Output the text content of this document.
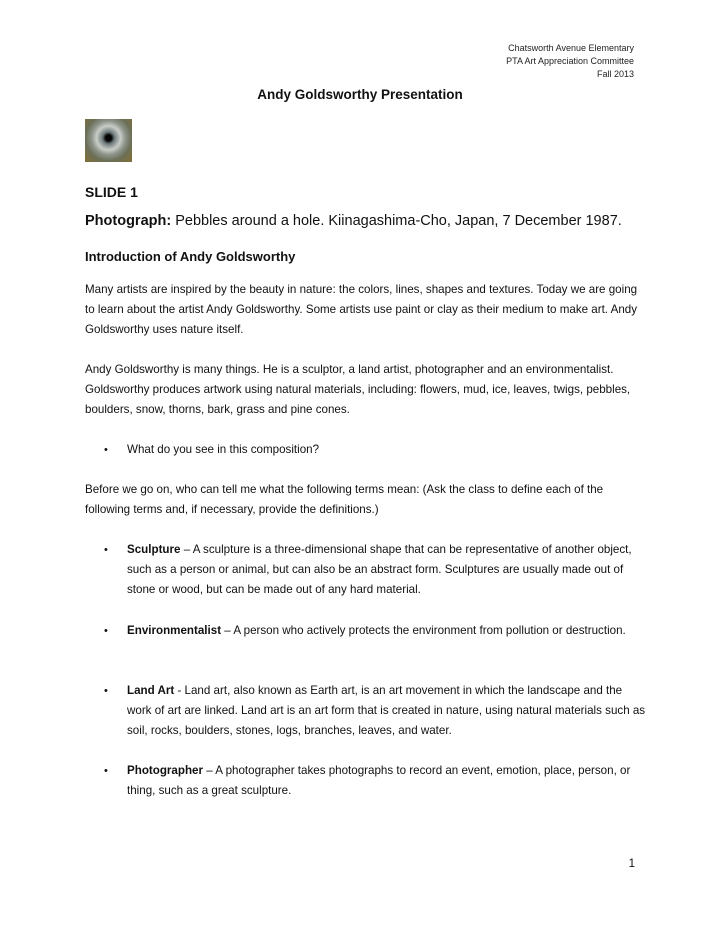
Chatsworth Avenue Elementary
PTA Art Appreciation Committee
Fall 2013
Andy Goldsworthy Presentation
SLIDE 1
Photograph: Pebbles around a hole. Kiinagashima-Cho, Japan, 7 December 1987.
Introduction of Andy Goldsworthy
Many artists are inspired by the beauty in nature: the colors, lines, shapes and textures. Today we are going to learn about the artist Andy Goldsworthy. Some artists use paint or clay as their medium to make art. Andy Goldsworthy uses nature itself.
Andy Goldsworthy is many things. He is a sculptor, a land artist, photographer and an environmentalist. Goldsworthy produces artwork using natural materials, including: flowers, mud, ice, leaves, twigs, pebbles, boulders, snow, thorns, bark, grass and pine cones.
• What do you see in this composition?
Before we go on, who can tell me what the following terms mean: (Ask the class to define each of the following terms and, if necessary, provide the definitions.)
• Sculpture – A sculpture is a three-dimensional shape that can be representative of another object, such as a person or animal, but can also be an abstract form. Sculptures are usually made out of stone or wood, but can be made out of any hard material.
• Environmentalist – A person who actively protects the environment from pollution or destruction.
• Land Art - Land art, also known as Earth art, is an art movement in which the landscape and the work of art are linked. Land art is an art form that is created in nature, using natural materials such as soil, rocks, boulders, stones, logs, branches, leaves, and water.
• Photographer – A photographer takes photographs to record an event, emotion, place, person, or thing, such as a great sculpture.
1
